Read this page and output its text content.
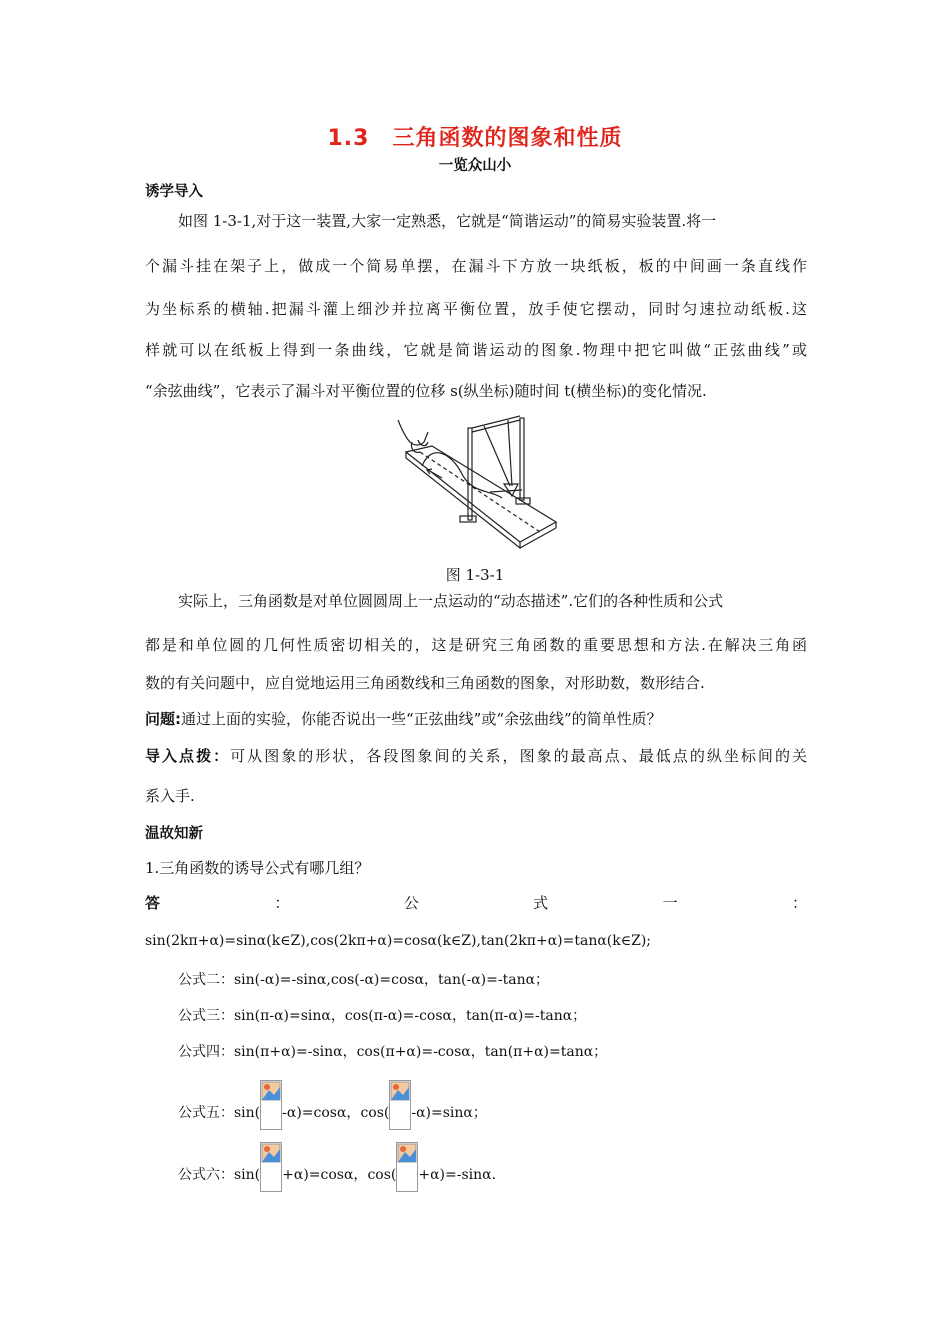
1.3　三角函数的图象和性质
一览众山小
诱学导入
如图 1-3-1,对于这一装置,大家一定熟悉，它就是“简谐运动”的简易实验装置.将一
个漏斗挂在架子上，做成一个简易单摆，在漏斗下方放一块纸板，板的中间画一条直线作
为坐标系的横轴.把漏斗灌上细沙并拉离平衡位置，放手使它摆动，同时匀速拉动纸板.这
样就可以在纸板上得到一条曲线，它就是简谐运动的图象.物理中把它叫做“正弦曲线”或
“余弦曲线”，它表示了漏斗对平衡位置的位移 s(纵坐标)随时间 t(横坐标)的变化情况.
图 1-3-1
实际上，三角函数是对单位圆圆周上一点运动的“动态描述”.它们的各种性质和公式
都是和单位圆的几何性质密切相关的，这是研究三角函数的重要思想和方法.在解决三角函
数的有关问题中，应自觉地运用三角函数线和三角函数的图象，对形助数，数形结合.
问题:通过上面的实验，你能否说出一些“正弦曲线”或“余弦曲线”的简单性质？
导入点拨：可从图象的形状，各段图象间的关系，图象的最高点、最低点的纵坐标间的关
系入手.
温故知新
1.三角函数的诱导公式有哪几组？
答	：	公	式	一	：
sin(2kπ+α)=sinα(k∈Z),cos(2kπ+α)=cosα(k∈Z),tan(2kπ+α)=tanα(k∈Z);
公式二：sin(-α)=-sinα,cos(-α)=cosα，tan(-α)=-tanα；
公式三：sin(π-α)=sinα，cos(π-α)=-cosα，tan(π-α)=-tanα；
公式四：sin(π+α)=-sinα，cos(π+α)=-cosα，tan(π+α)=tanα；
公式五：sin( -α)=cosα，cos( -α)=sinα；
公式六：sin( +α)=cosα，cos( +α)=-sinα.
